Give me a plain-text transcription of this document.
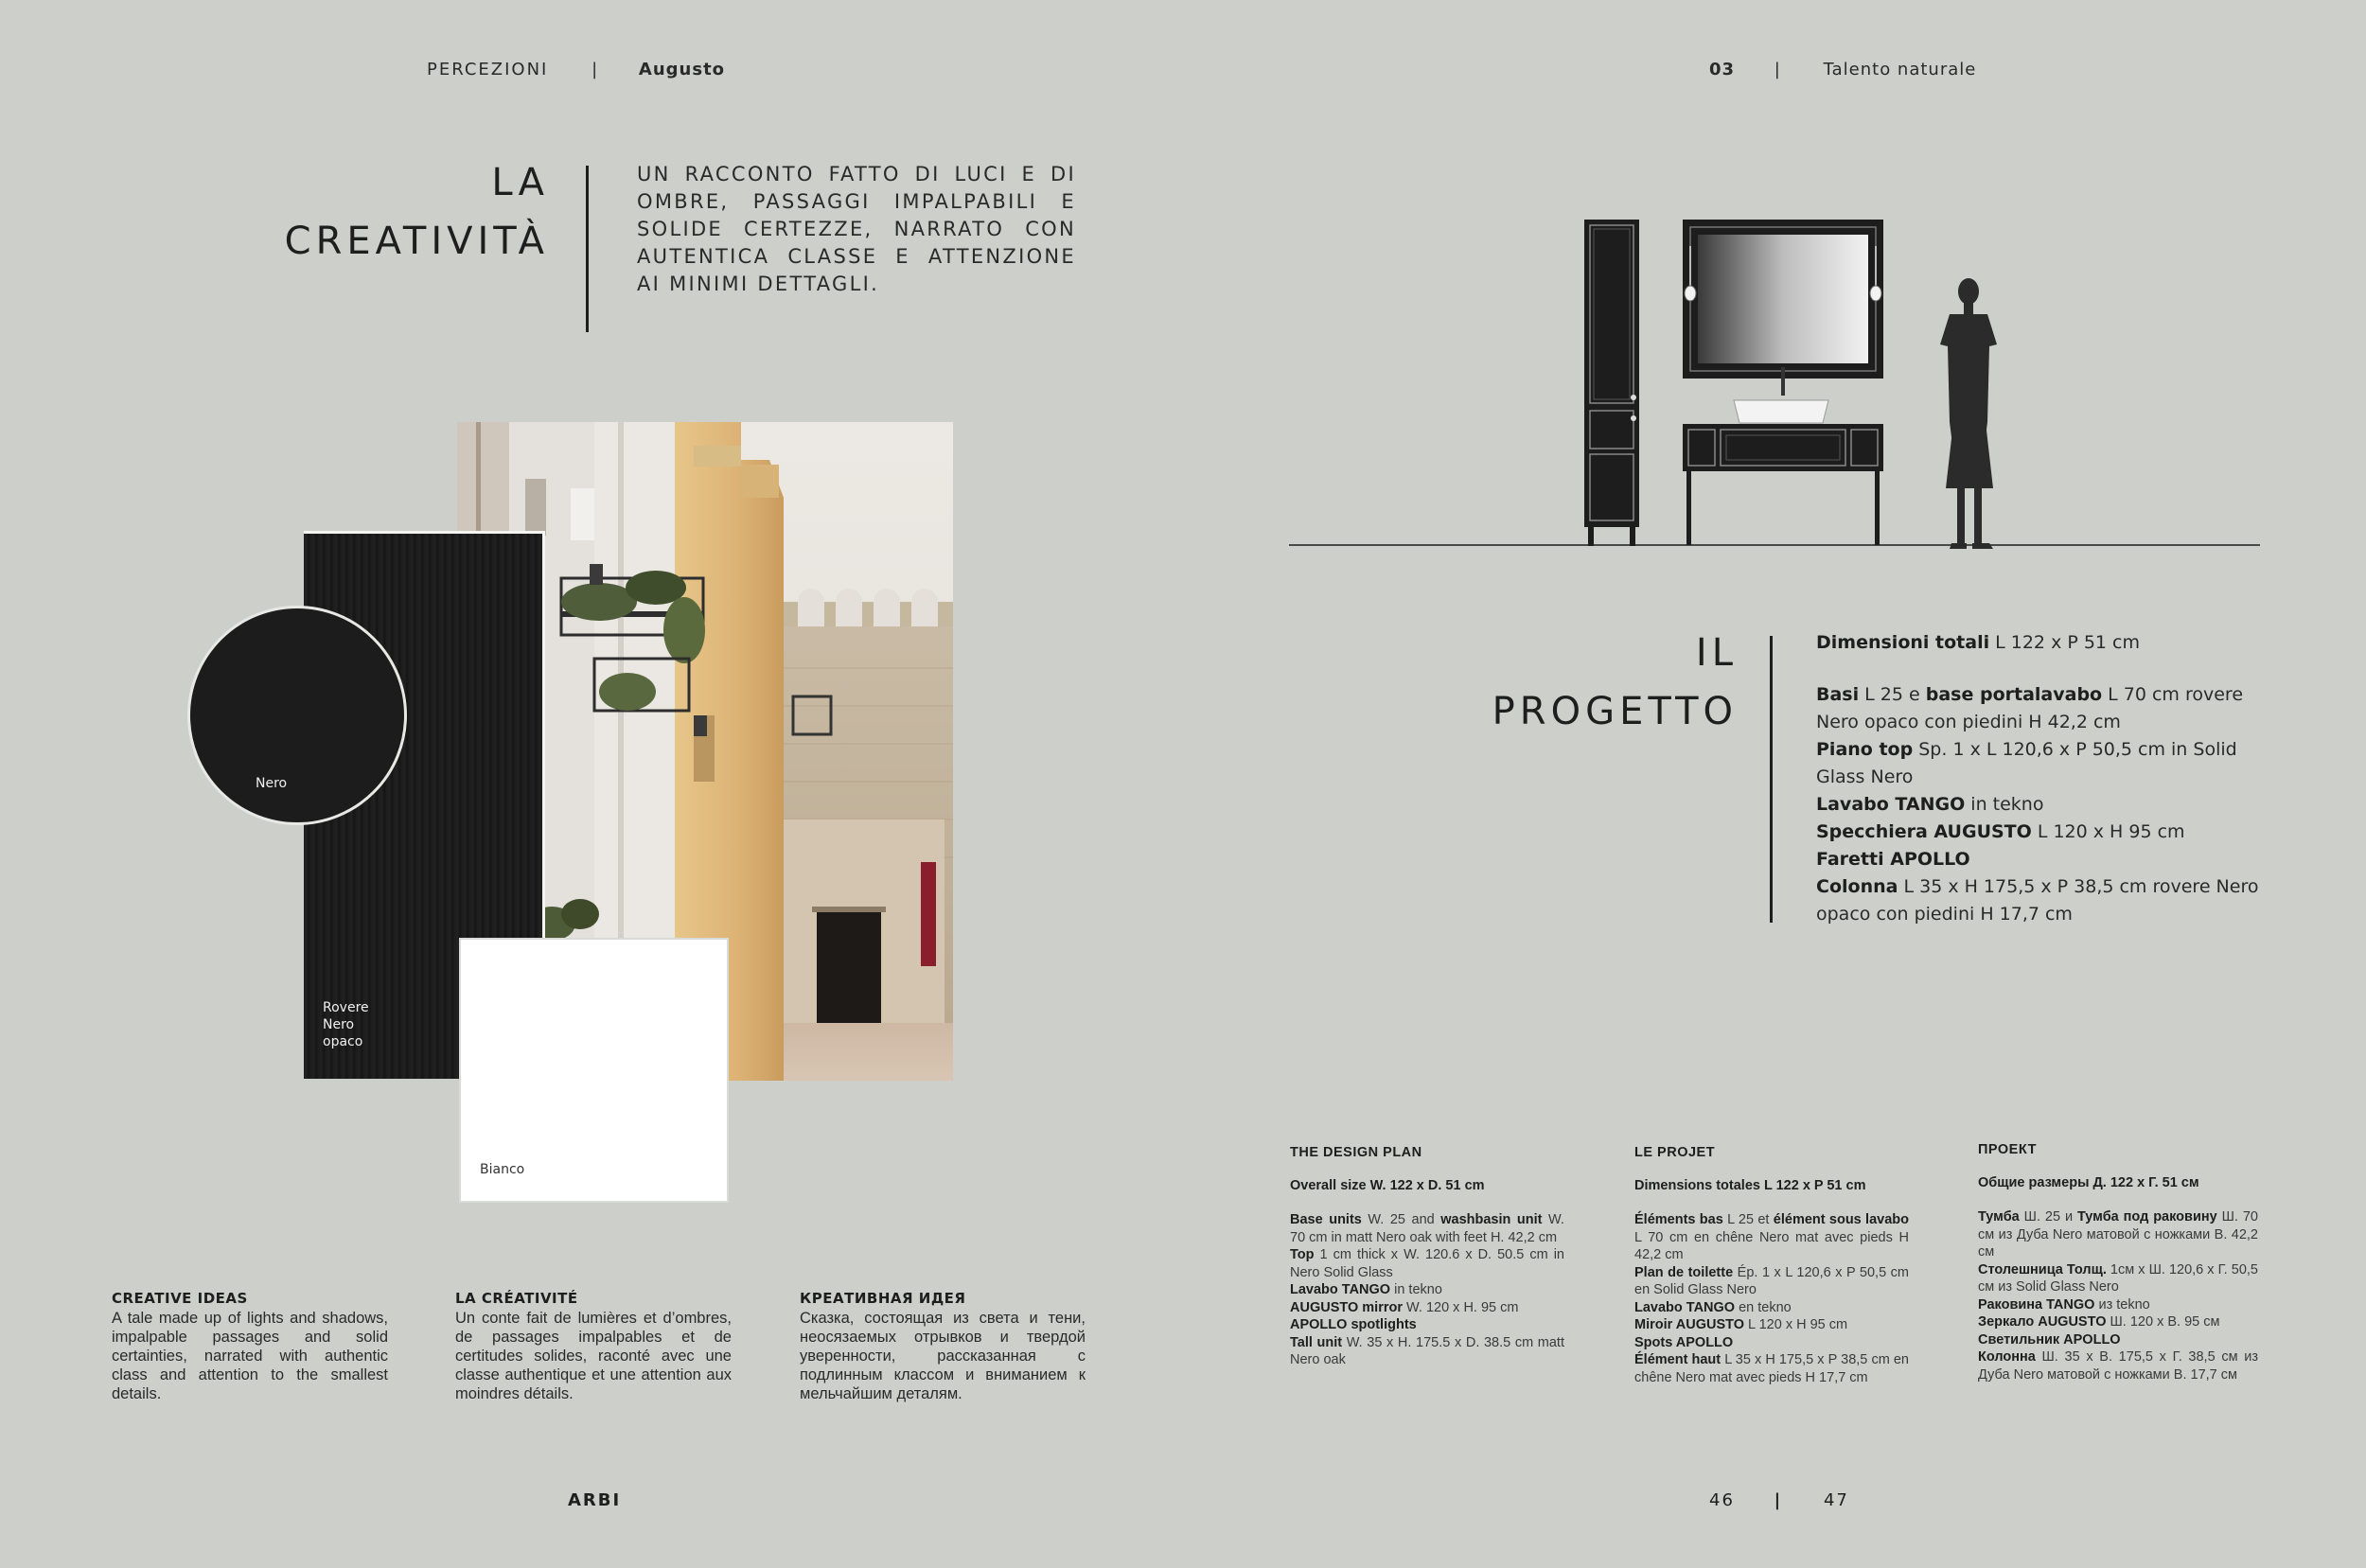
PERCEZIONI	| Augusto	03 | Talento naturale
LA
CREATIVITÀ
UN RACCONTO FATTO DI LUCI E DI OMBRE, PASSAGGI IMPALPABILI E SOLIDE CERTEZZE, NARRATO CON AUTENTICA CLASSE E ATTENZIONE AI MINIMI DETTAGLI.
Rovere
Nero
opaco
Nero
Bianco

CREATIVE IDEAS

A tale made up of lights and shadows, impalpable passages and solid certainties, narrated with authentic class and attention to the smallest details.

LA CRÉATIVITÉ

Un conte fait de lumières et d’ombres, de passages impalpables et de certitudes solides, raconté avec une classe authentique et une attention aux moindres détails.

КРЕАТИВНАЯ ИДЕЯ

Сказка, состоящая из света и тени, неосязаемых отрывков и твердой уверенности, рассказанная с подлинным классом и вниманием к мельчайшим деталям.

IL
PROGETTO

Dimensioni totali L 122 x P 51 cm

Basi L 25 e base portalavabo L 70 cm rovere Nero opaco con piedini H 42,2 cm

Piano top Sp. 1 x L 120,6 x P 50,5 cm in Solid Glass Nero

Lavabo TANGO in tekno

Specchiera AUGUSTO L 120 x H 95 cm

Faretti APOLLO

Colonna L 35 x H 175,5 x P 38,5 cm rovere Nero opaco con piedini H 17,7 cm

THE DESIGN PLAN
Overall size W. 122 x D. 51 cm

Base units W. 25 and washbasin unit W. 70 cm in matt Nero oak with feet H. 42,2 cm

Top 1 cm thick x W. 120.6 x D. 50.5 cm in Nero Solid Glass

Lavabo TANGO in tekno

AUGUSTO mirror W. 120 x H. 95 cm

APOLLO spotlights

Tall unit W. 35 x H. 175.5 x D. 38.5 cm matt Nero oak

LE PROJET
Dimensions totales L 122 x P 51 cm

Éléments bas L 25 et élément sous lavabo L 70 cm en chêne Nero mat avec pieds H 42,2 cm

Plan de toilette Ép. 1 x L 120,6 x P 50,5 cm en Solid Glass Nero

Lavabo TANGO en tekno

Miroir AUGUSTO L 120 x H 95 cm

Spots APOLLO

Élément haut L 35 x H 175,5 x P 38,5 cm en chêne Nero mat avec pieds H 17,7 cm

ПРОЕКТ
Общие размеры Д. 122 x Г. 51 см

Тумба Ш. 25 и Тумба под раковину Ш. 70 см из Дуба Nero матовой с ножками В. 42,2 см

Столешница Толщ. 1см x Ш. 120,6 x Г. 50,5 см из Solid Glass Nero

Раковина TANGO из tekno

Зеркало AUGUSTO Ш. 120 x В. 95 см

Светильник APOLLO

Колонна Ш. 35 x В. 175,5 x Г. 38,5 см из Дуба Nero матовой с ножками В. 17,7 см

ARBI	46 | 47
